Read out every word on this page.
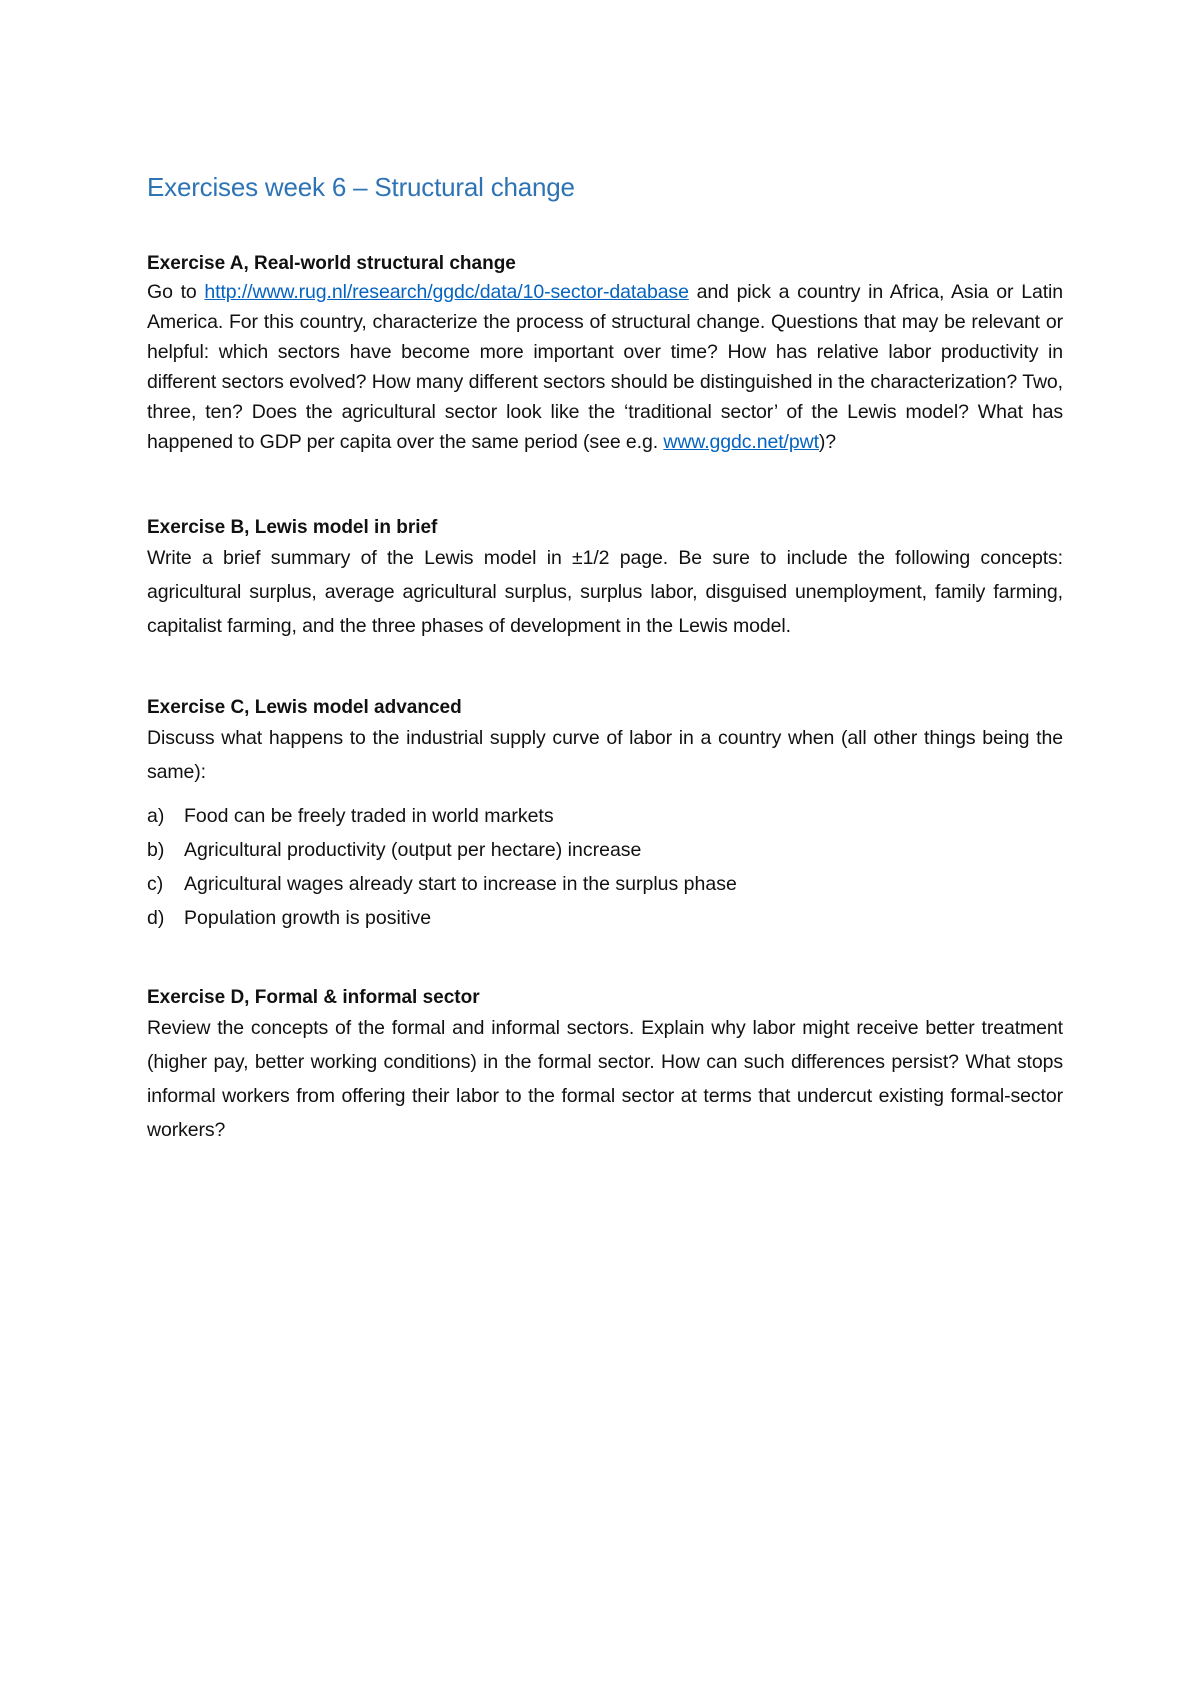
Exercises week 6 – Structural change

Exercise A, Real-world structural change

Go to http://www.rug.nl/research/ggdc/data/10-sector-database and pick a country in Africa, Asia or Latin America. For this country, characterize the process of structural change. Questions that may be relevant or helpful: which sectors have become more important over time? How has relative labor productivity in different sectors evolved? How many different sectors should be distinguished in the characterization? Two, three, ten? Does the agricultural sector look like the ‘traditional sector’ of the Lewis model? What has happened to GDP per capita over the same period (see e.g. www.ggdc.net/pwt)?

Exercise B, Lewis model in brief

Write a brief summary of the Lewis model in ±1/2 page. Be sure to include the following concepts: agricultural surplus, average agricultural surplus, surplus labor, disguised unemployment, family farming, capitalist farming, and the three phases of development in the Lewis model.

Exercise C, Lewis model advanced

Discuss what happens to the industrial supply curve of labor in a country when (all other things being the same):

a)	Food can be freely traded in world markets
b)	Agricultural productivity (output per hectare) increase
c)	Agricultural wages already start to increase in the surplus phase
d)	Population growth is positive

Exercise D, Formal & informal sector

Review the concepts of the formal and informal sectors. Explain why labor might receive better treatment (higher pay, better working conditions) in the formal sector. How can such differences persist? What stops informal workers from offering their labor to the formal sector at terms that undercut existing formal-sector workers?
